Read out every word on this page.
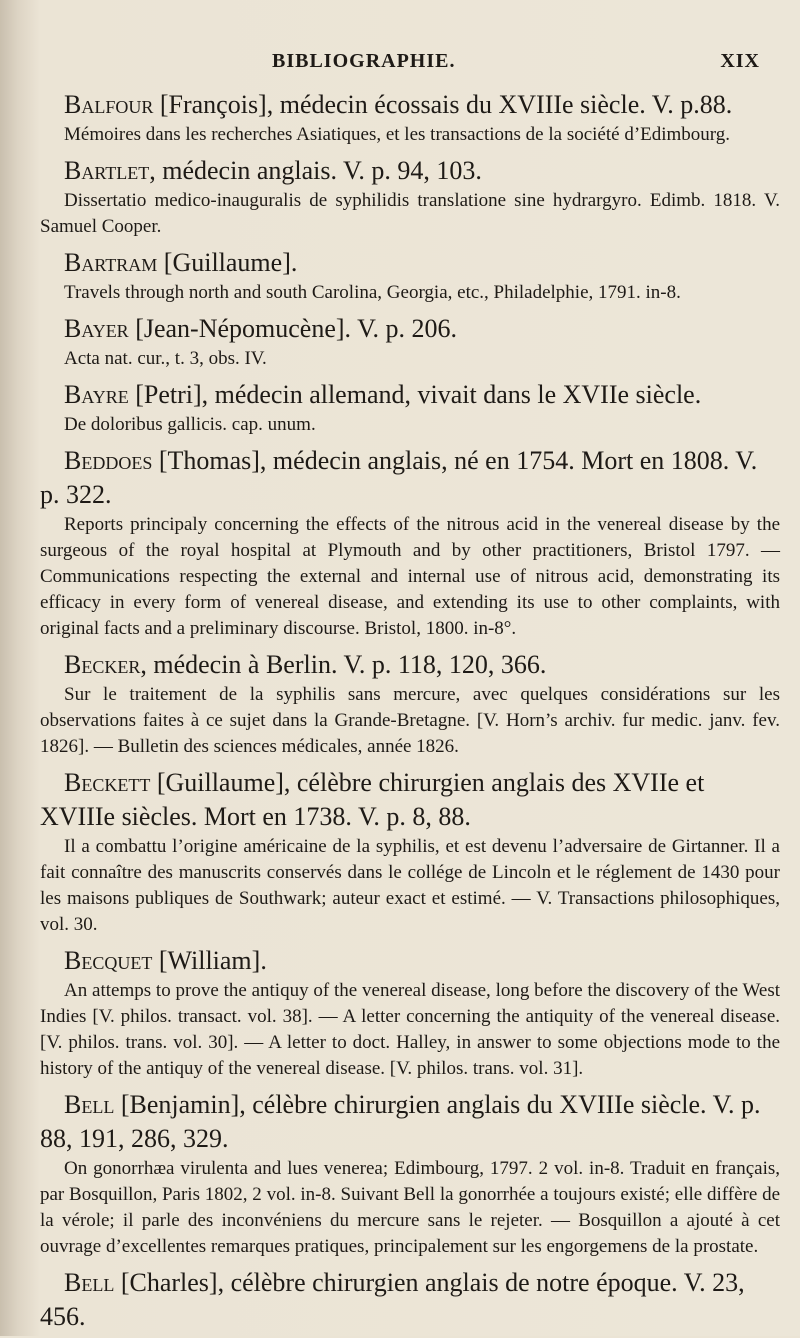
BIBLIOGRAPHIE.	XIX

Balfour [François], médecin écossais du XVIIIe siècle. V. p.88.

Mémoires dans les recherches Asiatiques, et les transactions de la société d’Edimbourg.

Bartlet, médecin anglais. V. p. 94, 103.

Dissertatio medico-inauguralis de syphilidis translatione sine hydrargyro. Edimb. 1818. V. Samuel Cooper.

Bartram [Guillaume].

Travels through north and south Carolina, Georgia, etc., Philadelphie, 1791. in-8.

Bayer [Jean-Népomucène]. V. p. 206.

Acta nat. cur., t. 3, obs. IV.

Bayre [Petri], médecin allemand, vivait dans le XVIIe siècle.

De doloribus gallicis. cap. unum.

Beddoes [Thomas], médecin anglais, né en 1754. Mort en 1808. V. p. 322.

Reports principaly concerning the effects of the nitrous acid in the venereal disease by the surgeous of the royal hospital at Plymouth and by other practitioners, Bristol 1797. — Communications respecting the external and internal use of nitrous acid, demonstrating its efficacy in every form of venereal disease, and extending its use to other complaints, with original facts and a preliminary discourse. Bristol, 1800. in-8°.

Becker, médecin à Berlin. V. p. 118, 120, 366.

Sur le traitement de la syphilis sans mercure, avec quelques considérations sur les observations faites à ce sujet dans la Grande-Bretagne. [V. Horn’s archiv. fur medic. janv. fev. 1826]. — Bulletin des sciences médicales, année 1826.

Beckett [Guillaume], célèbre chirurgien anglais des XVIIe et XVIIIe siècles. Mort en 1738. V. p. 8, 88.

Il a combattu l’origine américaine de la syphilis, et est devenu l’adversaire de Girtanner. Il a fait connaître des manuscrits conservés dans le collége de Lincoln et le réglement de 1430 pour les maisons publiques de Southwark; auteur exact et estimé. — V. Transactions philosophiques, vol. 30.

Becquet [William].

An attemps to prove the antiquy of the venereal disease, long before the discovery of the West Indies [V. philos. transact. vol. 38]. — A letter concerning the antiquity of the venereal disease. [V. philos. trans. vol. 30]. — A letter to doct. Halley, in answer to some objections mode to the history of the antiquy of the venereal disease. [V. philos. trans. vol. 31].

Bell [Benjamin], célèbre chirurgien anglais du XVIIIe siècle. V. p. 88, 191, 286, 329.

On gonorrhæa virulenta and lues venerea; Edimbourg, 1797. 2 vol. in-8. Traduit en français, par Bosquillon, Paris 1802, 2 vol. in-8. Suivant Bell la gonorrhée a toujours existé; elle diffère de la vérole; il parle des inconvéniens du mercure sans le rejeter. — Bosquillon a ajouté à cet ouvrage d’excellentes remarques pratiques, principalement sur les engorgemens de la prostate.

Bell [Charles], célèbre chirurgien anglais de notre époque. V. 23, 456.
